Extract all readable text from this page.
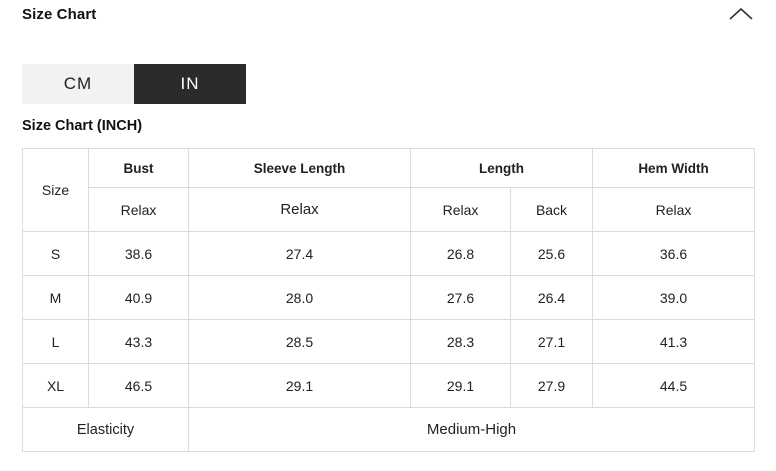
Size Chart
CM	IN
Size Chart (INCH)
Size	Bust	Sleeve Length	Length		Hem Width
	Relax	Relax	Relax	Back	Relax
S	38.6	27.4	26.8	25.6	36.6
M	40.9	28.0	27.6	26.4	39.0
L	43.3	28.5	28.3	27.1	41.3
XL	46.5	29.1	29.1	27.9	44.5
Elasticity		Medium-High			
